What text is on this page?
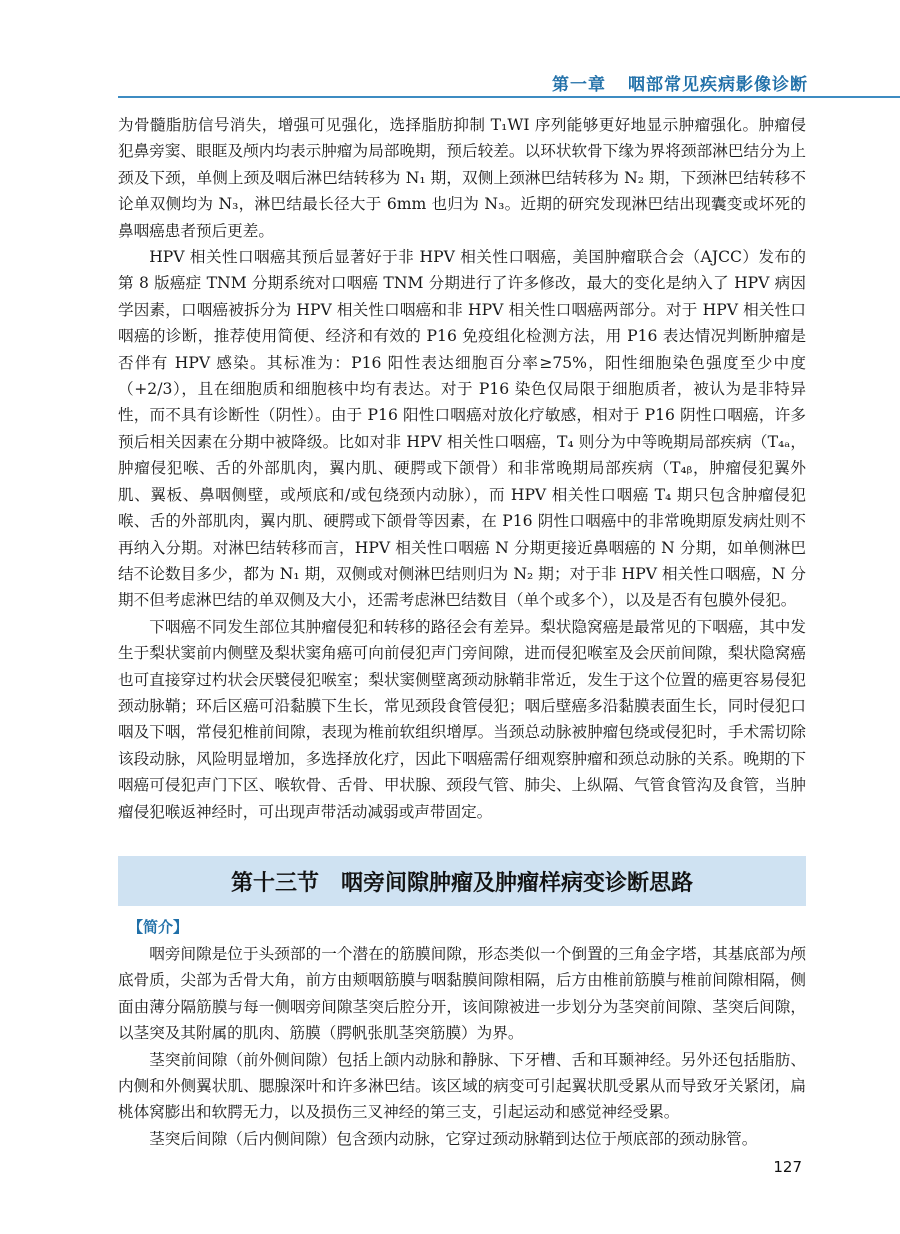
第一章 咽部常见疾病影像诊断

为骨髓脂肪信号消失，增强可见强化，选择脂肪抑制 T₁WI 序列能够更好地显示肿瘤强化。肿瘤侵犯鼻旁窦、眼眶及颅内均表示肿瘤为局部晚期，预后较差。以环状软骨下缘为界将颈部淋巴结分为上颈及下颈，单侧上颈及咽后淋巴结转移为 N₁ 期，双侧上颈淋巴结转移为 N₂ 期，下颈淋巴结转移不论单双侧均为 N₃，淋巴结最长径大于 6mm 也归为 N₃。近期的研究发现淋巴结出现囊变或坏死的鼻咽癌患者预后更差。

HPV 相关性口咽癌其预后显著好于非 HPV 相关性口咽癌，美国肿瘤联合会（AJCC）发布的第 8 版癌症 TNM 分期系统对口咽癌 TNM 分期进行了许多修改，最大的变化是纳入了 HPV 病因学因素，口咽癌被拆分为 HPV 相关性口咽癌和非 HPV 相关性口咽癌两部分。对于 HPV 相关性口咽癌的诊断，推荐使用简便、经济和有效的 P16 免疫组化检测方法，用 P16 表达情况判断肿瘤是否伴有 HPV 感染。其标准为：P16 阳性表达细胞百分率≥75%，阳性细胞染色强度至少中度（+2/3），且在细胞质和细胞核中均有表达。对于 P16 染色仅局限于细胞质者，被认为是非特异性，而不具有诊断性（阴性）。由于 P16 阳性口咽癌对放化疗敏感，相对于 P16 阴性口咽癌，许多预后相关因素在分期中被降级。比如对非 HPV 相关性口咽癌，T₄ 则分为中等晚期局部疾病（T₄ₐ，肿瘤侵犯喉、舌的外部肌肉，翼内肌、硬腭或下颌骨）和非常晚期局部疾病（T₄ᵦ，肿瘤侵犯翼外肌、翼板、鼻咽侧壁，或颅底和/或包绕颈内动脉），而 HPV 相关性口咽癌 T₄ 期只包含肿瘤侵犯喉、舌的外部肌肉，翼内肌、硬腭或下颌骨等因素，在 P16 阴性口咽癌中的非常晚期原发病灶则不再纳入分期。对淋巴结转移而言，HPV 相关性口咽癌 N 分期更接近鼻咽癌的 N 分期，如单侧淋巴结不论数目多少，都为 N₁ 期，双侧或对侧淋巴结则归为 N₂ 期；对于非 HPV 相关性口咽癌，N 分期不但考虑淋巴结的单双侧及大小，还需考虑淋巴结数目（单个或多个），以及是否有包膜外侵犯。

下咽癌不同发生部位其肿瘤侵犯和转移的路径会有差异。梨状隐窝癌是最常见的下咽癌，其中发生于梨状窦前内侧壁及梨状窦角癌可向前侵犯声门旁间隙，进而侵犯喉室及会厌前间隙，梨状隐窝癌也可直接穿过杓状会厌襞侵犯喉室；梨状窦侧壁离颈动脉鞘非常近，发生于这个位置的癌更容易侵犯颈动脉鞘；环后区癌可沿黏膜下生长，常见颈段食管侵犯；咽后壁癌多沿黏膜表面生长，同时侵犯口咽及下咽，常侵犯椎前间隙，表现为椎前软组织增厚。当颈总动脉被肿瘤包绕或侵犯时，手术需切除该段动脉，风险明显增加，多选择放化疗，因此下咽癌需仔细观察肿瘤和颈总动脉的关系。晚期的下咽癌可侵犯声门下区、喉软骨、舌骨、甲状腺、颈段气管、肺尖、上纵隔、气管食管沟及食管，当肿瘤侵犯喉返神经时，可出现声带活动减弱或声带固定。

第十三节 咽旁间隙肿瘤及肿瘤样病变诊断思路
【简介】

咽旁间隙是位于头颈部的一个潜在的筋膜间隙，形态类似一个倒置的三角金字塔，其基底部为颅底骨质，尖部为舌骨大角，前方由颊咽筋膜与咽黏膜间隙相隔，后方由椎前筋膜与椎前间隙相隔，侧面由薄分隔筋膜与每一侧咽旁间隙茎突后腔分开，该间隙被进一步划分为茎突前间隙、茎突后间隙，以茎突及其附属的肌肉、筋膜（腭帆张肌茎突筋膜）为界。

茎突前间隙（前外侧间隙）包括上颌内动脉和静脉、下牙槽、舌和耳颞神经。另外还包括脂肪、内侧和外侧翼状肌、腮腺深叶和许多淋巴结。该区域的病变可引起翼状肌受累从而导致牙关紧闭，扁桃体窝膨出和软腭无力，以及损伤三叉神经的第三支，引起运动和感觉神经受累。

茎突后间隙（后内侧间隙）包含颈内动脉，它穿过颈动脉鞘到达位于颅底部的颈动脉管。

127
